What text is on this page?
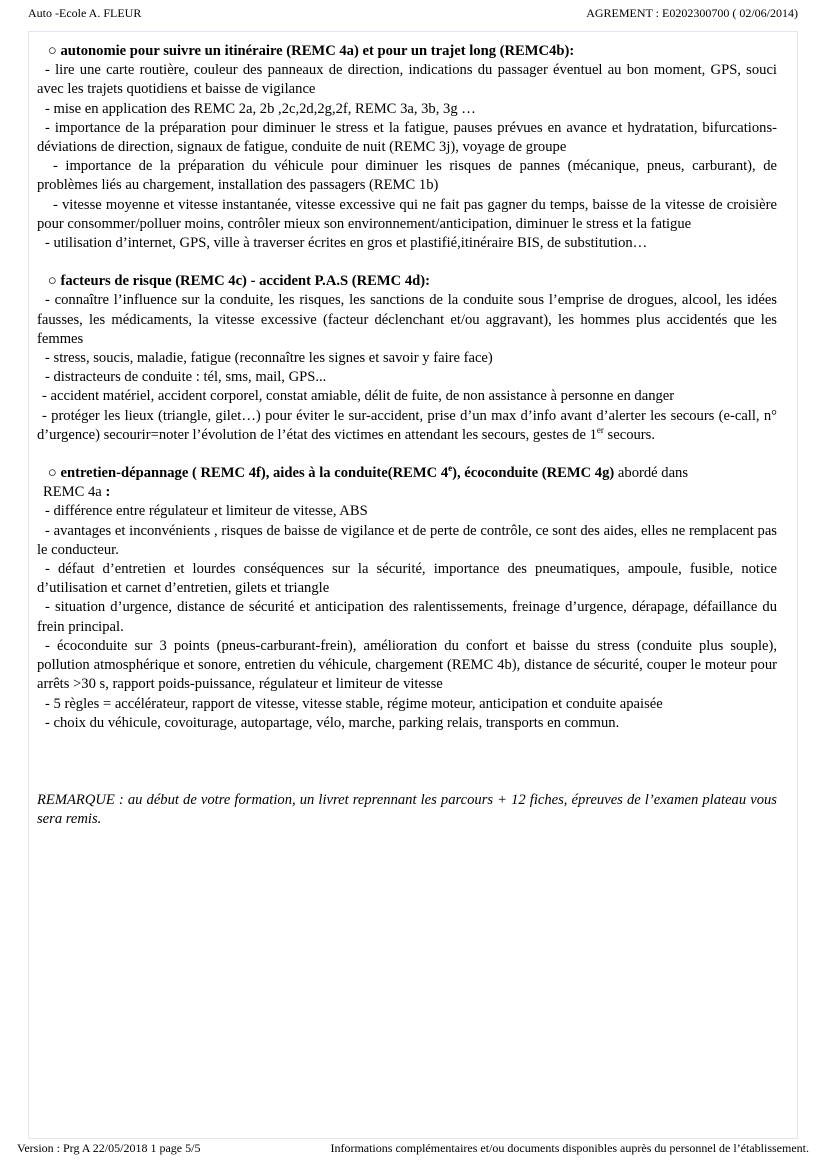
Auto -Ecole A. FLEUR	AGREMENT : E0202300700 ( 02/06/2014)

○ autonomie pour suivre un itinéraire (REMC 4a) et pour un trajet long (REMC4b):

- lire une carte routière, couleur des panneaux de direction, indications du passager éventuel au bon moment, GPS, souci avec les trajets quotidiens et baisse de vigilance

- mise en application des REMC 2a, 2b ,2c,2d,2g,2f, REMC 3a, 3b, 3g …

- importance de la préparation pour diminuer le stress et la fatigue, pauses prévues en avance et hydratation, bifurcations- déviations de direction, signaux de fatigue, conduite de nuit (REMC 3j), voyage de groupe

- importance de la préparation du véhicule pour diminuer les risques de pannes (mécanique, pneus, carburant), de problèmes liés au chargement, installation des passagers (REMC 1b)

- vitesse moyenne et vitesse instantanée, vitesse excessive qui ne fait pas gagner du temps, baisse de la vitesse de croisière pour consommer/polluer moins, contrôler mieux son environnement/anticipation, diminuer le stress et la fatigue

- utilisation d’internet, GPS, ville à traverser écrites en gros et plastifié,itinéraire BIS, de substitution…

○ facteurs de risque (REMC 4c) - accident P.A.S (REMC 4d):

- connaître l’influence sur la conduite, les risques, les sanctions de la conduite sous l’emprise de drogues, alcool, les idées fausses, les médicaments, la vitesse excessive (facteur déclenchant et/ou aggravant), les hommes plus accidentés que les femmes

- stress, soucis, maladie, fatigue (reconnaître les signes et savoir y faire face)

- distracteurs de conduite : tél, sms, mail, GPS...

- accident matériel, accident corporel, constat amiable, délit de fuite, de non assistance à personne en danger

- protéger les lieux (triangle, gilet…) pour éviter le sur-accident, prise d’un max d’info avant d’alerter les secours (e-call, n° d’urgence) secourir=noter l’évolution de l’état des victimes en attendant les secours, gestes de 1er secours.

○ entretien-dépannage ( REMC 4f), aides à la conduite(REMC 4e), écoconduite (REMC 4g) abordé dans

REMC 4a :

- différence entre régulateur et limiteur de vitesse, ABS

- avantages et inconvénients , risques de baisse de vigilance et de perte de contrôle, ce sont des aides, elles ne remplacent pas le conducteur.

- défaut d’entretien et lourdes conséquences sur la sécurité, importance des pneumatiques, ampoule, fusible, notice d’utilisation et carnet d’entretien, gilets et triangle

- situation d’urgence, distance de sécurité et anticipation des ralentissements, freinage d’urgence, dérapage, défaillance du frein principal.

- écoconduite sur 3 points (pneus-carburant-frein), amélioration du confort et baisse du stress (conduite plus souple), pollution atmosphérique et sonore, entretien du véhicule, chargement (REMC 4b), distance de sécurité, couper le moteur pour arrêts >30 s, rapport poids-puissance, régulateur et limiteur de vitesse

- 5 règles = accélérateur, rapport de vitesse, vitesse stable, régime moteur, anticipation et conduite apaisée

- choix du véhicule, covoiturage, autopartage, vélo, marche, parking relais, transports en commun.

REMARQUE : au début de votre formation, un livret reprennant les parcours + 12 fiches, épreuves de l’examen plateau vous sera remis.

Version : Prg A 22/05/2018 1 page 5/5	Informations complémentaires et/ou documents disponibles auprès du personnel de l’établissement.
